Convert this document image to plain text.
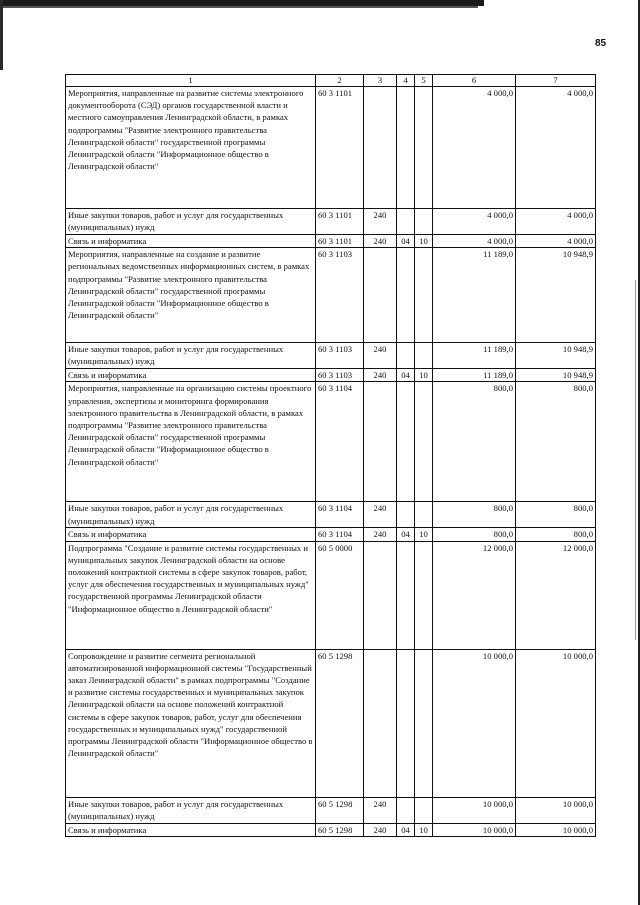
85
1	2	3	4	5	6	7
Мероприятия, направленные на развитие системы электронного документооборота (СЭД) органов государственной власти и местного самоуправления Ленинградской области, в рамках подпрограммы "Развитие электронного правительства Ленинградской области" государственной программы Ленинградской области "Информационное общество в Ленинградской области"	60 3 1101				4 000,0	4 000,0
Иные закупки товаров, работ и услуг для государственных (муниципальных) нужд	60 3 1101	240			4 000,0	4 000,0
Связь и информатика	60 3 1101	240	04	10	4 000,0	4 000,0
Мероприятия, направленные на создание и развитие региональных ведомственных информационных систем, в рамках подпрограммы "Развитие электронного правительства Ленинградской области" государственной программы Ленинградской области "Информационное общество в Ленинградской области"	60 3 1103				11 189,0	10 948,9
Иные закупки товаров, работ и услуг для государственных (муниципальных) нужд	60 3 1103	240			11 189,0	10 948,9
Связь и информатика	60 3 1103	240	04	10	11 189,0	10 948,9
Мероприятия, направленные на организацию системы проектного управления, экспертизы и мониторинга формирования электронного правительства в Ленинградской области, в рамках подпрограммы "Развитие электронного правительства Ленинградской области" государственной программы Ленинградской области "Информационное общество в Ленинградской области"	60 3 1104				800,0	800,0
Иные закупки товаров, работ и услуг для государственных (муниципальных) нужд	60 3 1104	240			800,0	800,0
Связь и информатика	60 3 1104	240	04	10	800,0	800,0
Подпрограмма "Создание и развитие системы государственных и муниципальных закупок Ленинградской области на основе положений контрактной системы в сфере закупок товаров, работ, услуг для обеспечения государственных и муниципальных нужд" государственной программы Ленинградской области "Информационное общество в Ленинградской области"	60 5 0000				12 000,0	12 000,0
Сопровождение и развитие сегмента региональной автоматизированной информационной системы "Государственный заказ Ленинградской области" в рамках подпрограммы "Создание и развитие системы государственных и муниципальных закупок Ленинградской области на основе положений контрактной системы в сфере закупок товаров, работ, услуг для обеспечения государственных и муниципальных нужд" государственной программы Ленинградской области "Информационное общество в Ленинградской области"	60 5 1298				10 000,0	10 000,0
Иные закупки товаров, работ и услуг для государственных (муниципальных) нужд	60 5 1298	240			10 000,0	10 000,0
Связь и информатика	60 5 1298	240	04	10	10 000,0	10 000,0
